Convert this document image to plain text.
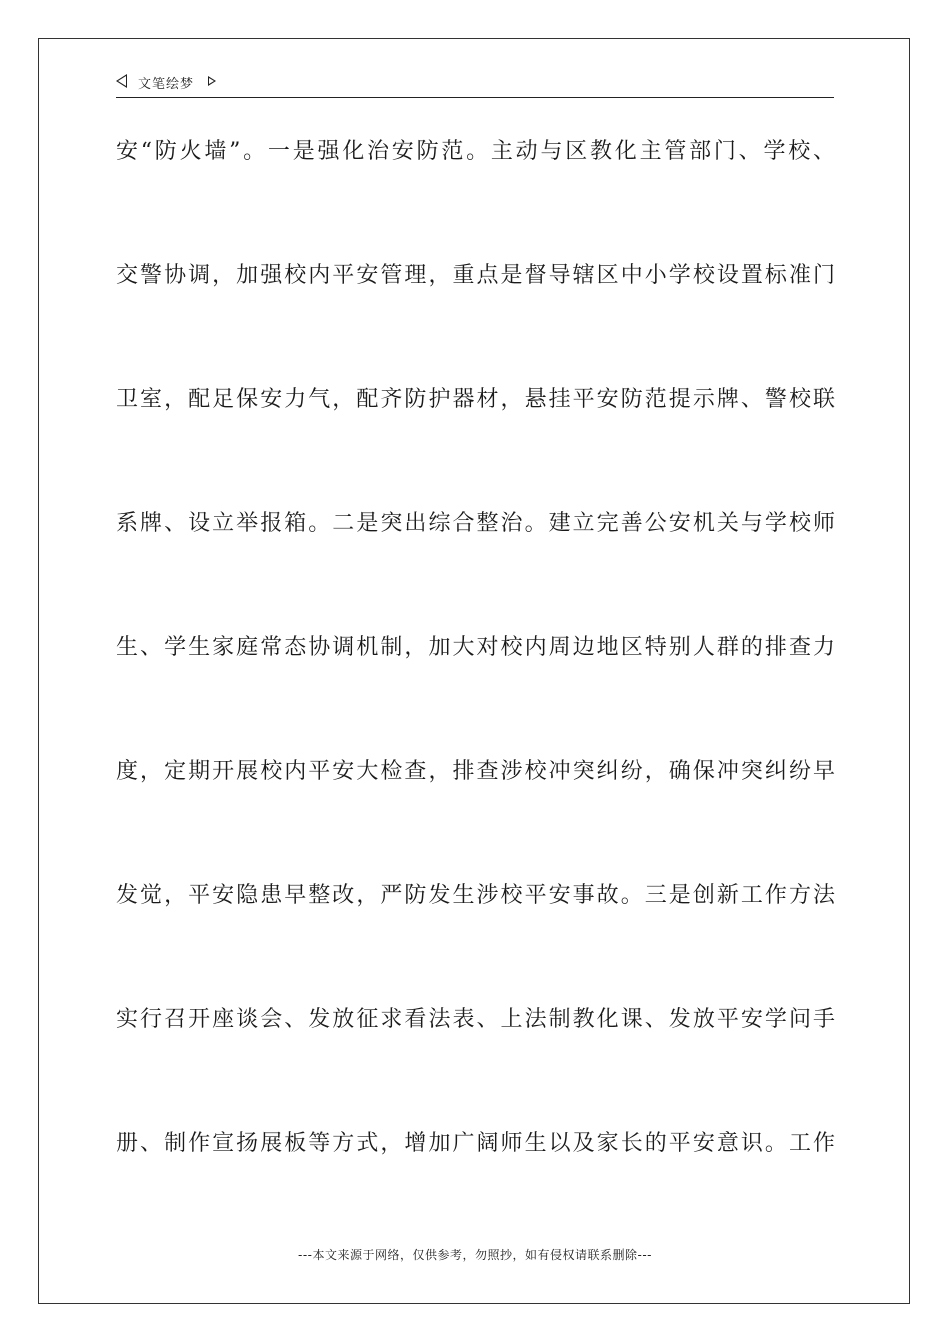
文笔绘梦
安“防火墙”。一是强化治安防范。主动与区教化主管部门、学校、
交警协调，加强校内平安管理，重点是督导辖区中小学校设置标准门
卫室，配足保安力气，配齐防护器材，悬挂平安防范提示牌、警校联
系牌、设立举报箱。二是突出综合整治。建立完善公安机关与学校师
生、学生家庭常态协调机制，加大对校内周边地区特别人群的排查力
度，定期开展校内平安大检查，排查涉校冲突纠纷，确保冲突纠纷早
发觉，平安隐患早整改，严防发生涉校平安事故。三是创新工作方法
实行召开座谈会、发放征求看法表、上法制教化课、发放平安学问手
册、制作宣扬展板等方式，增加广阔师生以及家长的平安意识。工作
---本文来源于网络，仅供参考，勿照抄，如有侵权请联系删除---
